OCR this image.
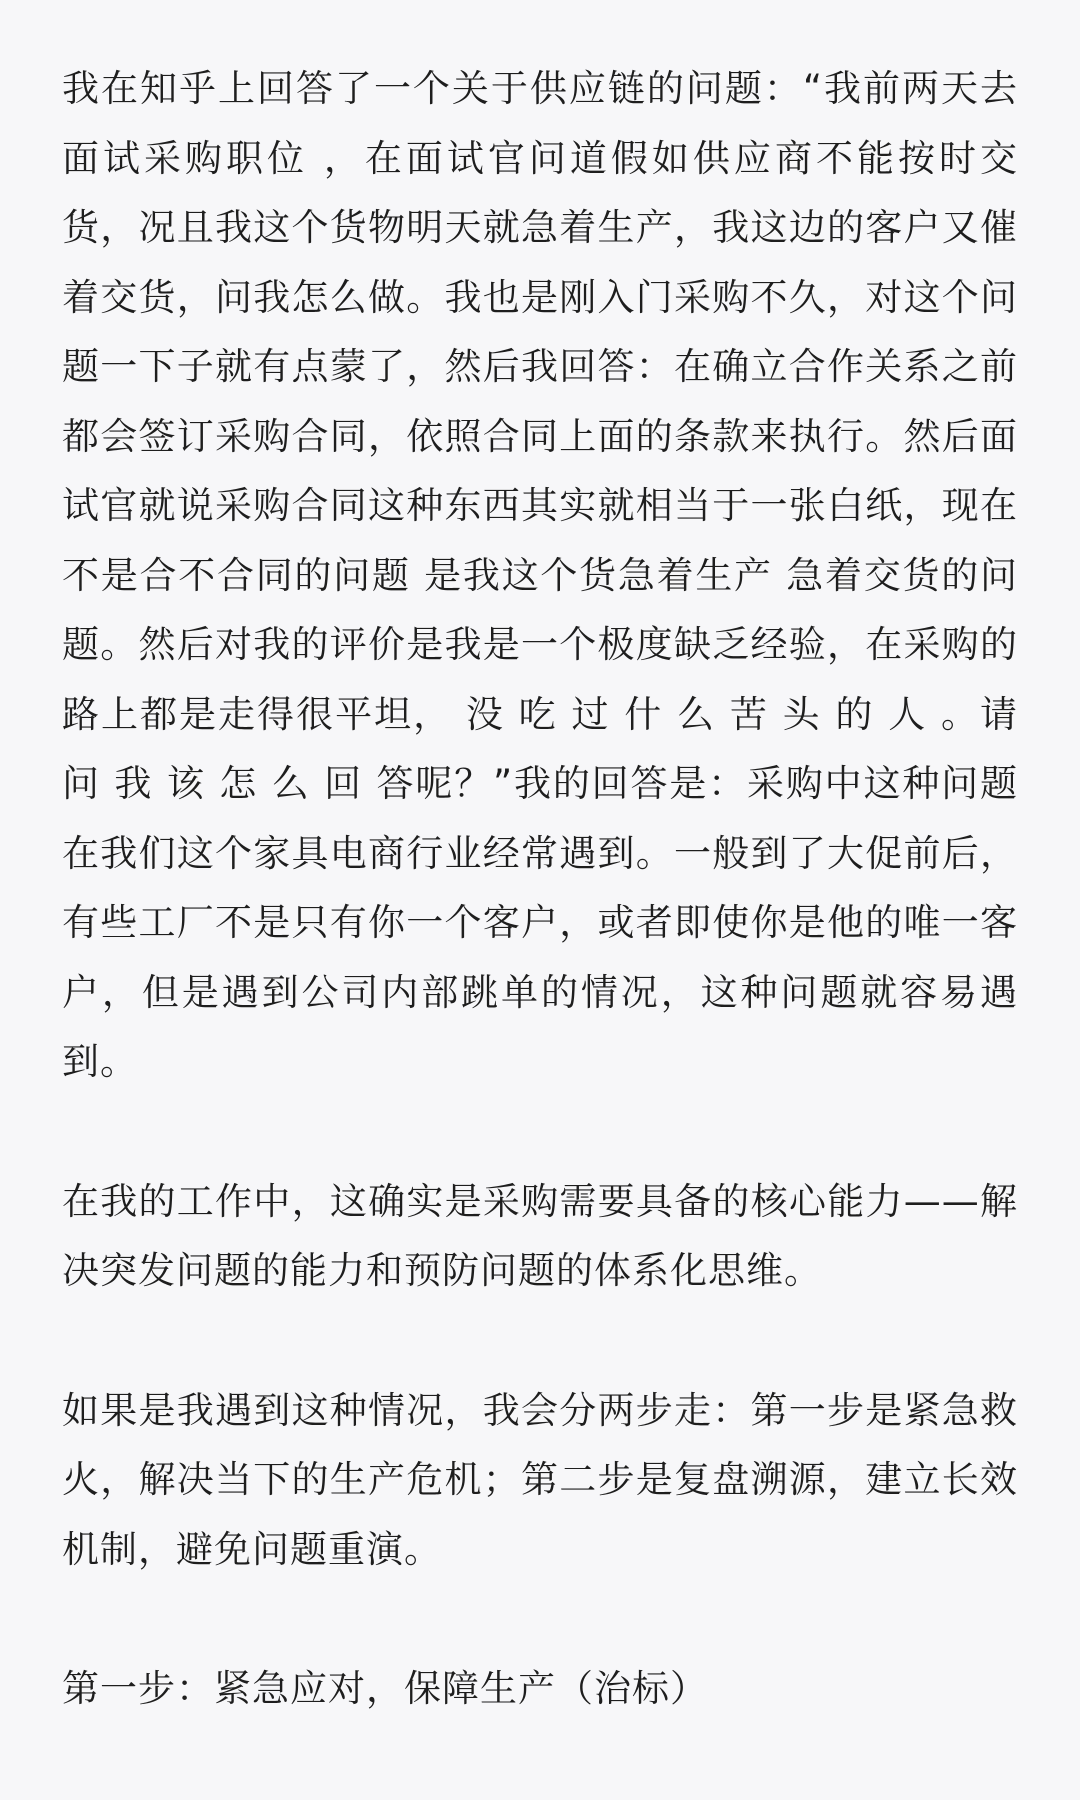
我在知乎上回答了一个关于供应链的问题：“我前两天去面试采购职位 ，在面试官问道假如供应商不能按时交货，况且我这个货物明天就急着生产，我这边的客户又催着交货，问我怎么做。我也是刚入门采购不久，对这个问题一下子就有点蒙了，然后我回答：在确立合作关系之前都会签订采购合同，依照合同上面的条款来执行。然后面试官就说采购合同这种东西其实就相当于一张白纸，现在不是合不合同的问题 是我这个货急着生产 急着交货的问题。然后对我的评价是我是一个极度缺乏经验，在采购的路上都是走得很平坦， 没 吃 过 什 么 苦 头 的 人 。请 问 我 该 怎 么 回 答呢？”我的回答是：采购中这种问题在我们这个家具电商行业经常遇到。一般到了大促前后，有些工厂不是只有你一个客户，或者即使你是他的唯一客户，但是遇到公司内部跳单的情况，这种问题就容易遇到。

在我的工作中，这确实是采购需要具备的核心能力——解决突发问题的能力和预防问题的体系化思维。

如果是我遇到这种情况，我会分两步走：第一步是紧急救火，解决当下的生产危机；第二步是复盘溯源，建立长效机制，避免问题重演。

第一步：紧急应对，保障生产（治标）
